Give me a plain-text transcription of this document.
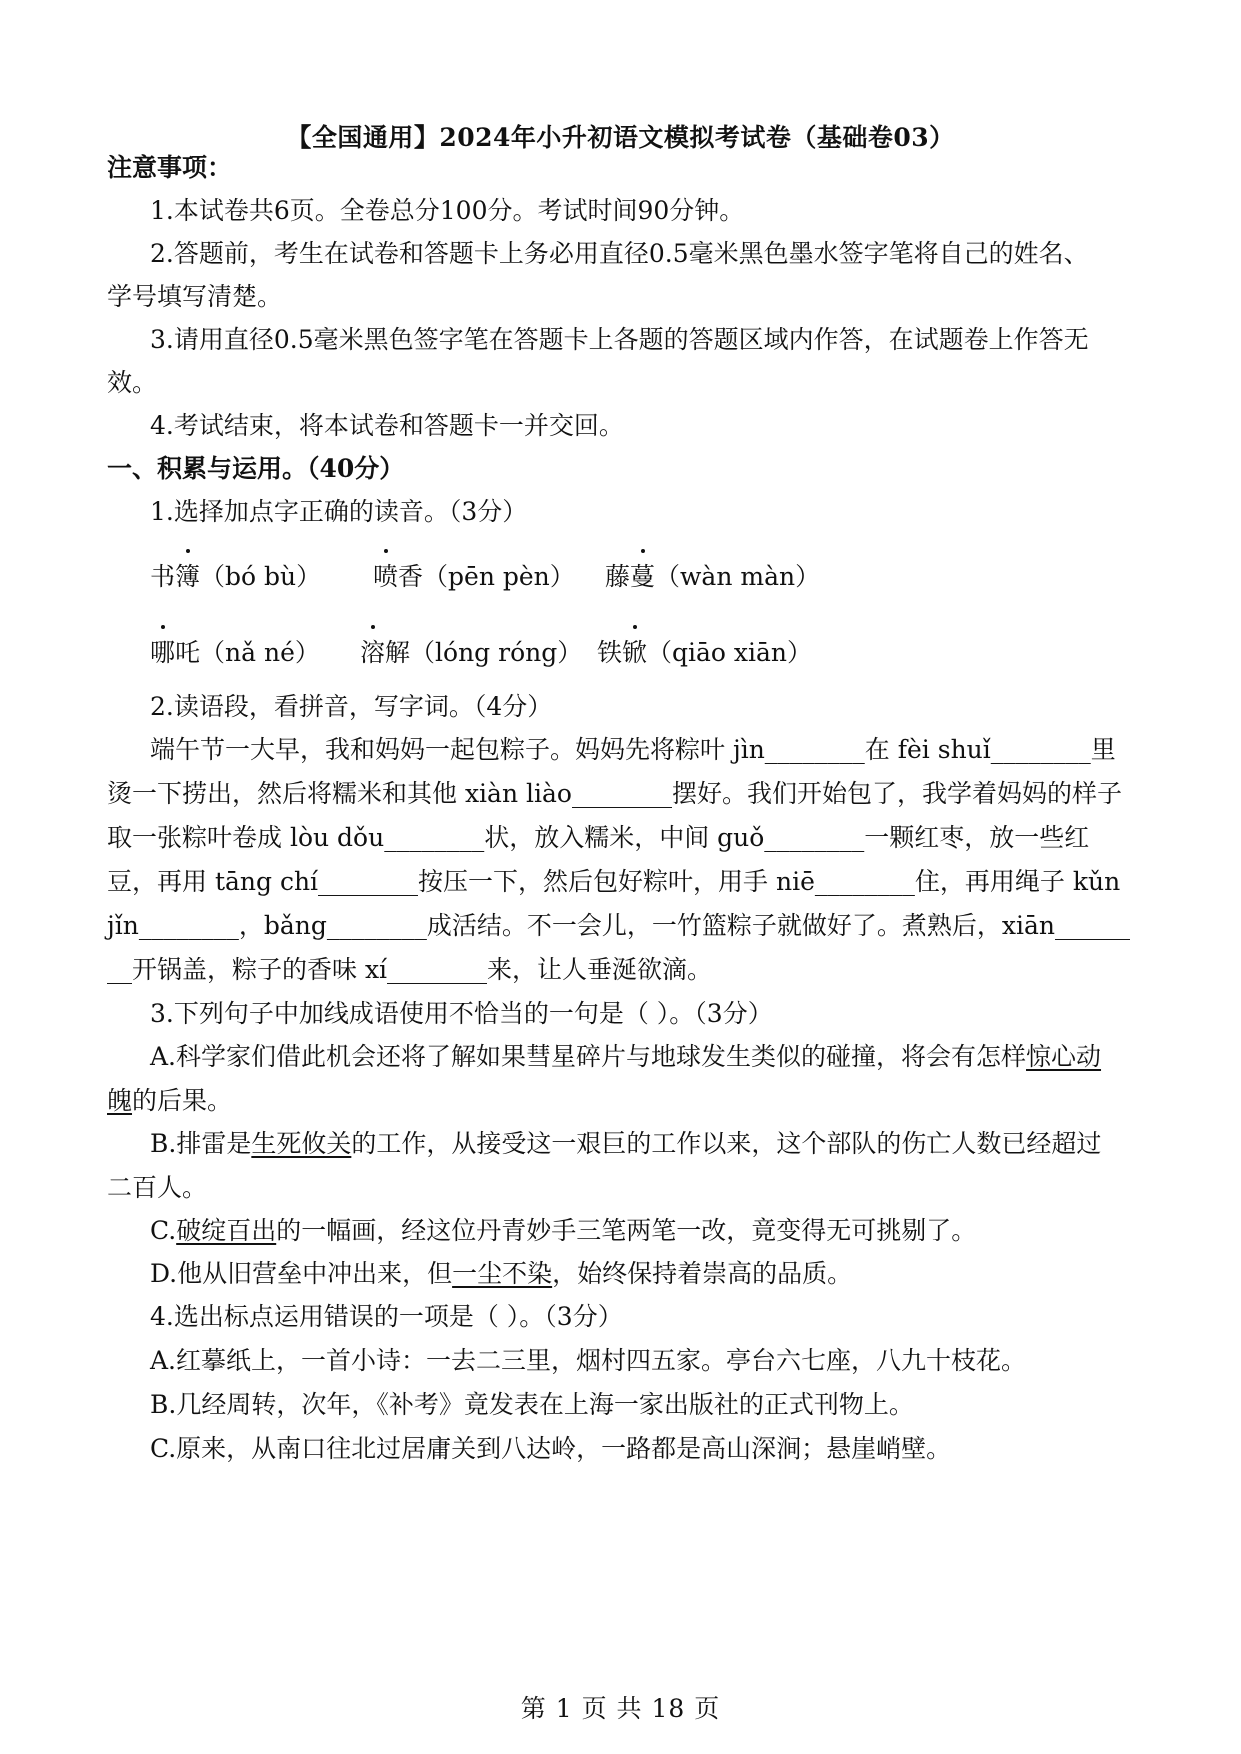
【全国通用】2024年小升初语文模拟考试卷（基础卷03）
注意事项：
1.本试卷共6页。全卷总分100分。考试时间90分钟。
2.答题前，考生在试卷和答题卡上务必用直径0.5毫米黑色墨水签字笔将自己的姓名、
学号填写清楚。
3.请用直径0.5毫米黑色签字笔在答题卡上各题的答题区域内作答，在试题卷上作答无
效。
4.考试结束，将本试卷和答题卡一并交回。
一、积累与运用。（40分）
1.选择加点字正确的读音。（3分）
书簿（bó bù） 喷香（pēn pèn） 藤蔓（wàn màn）
哪吒（nǎ né） 溶解（lóng róng） 铁锨（qiāo xiān）
2.读语段，看拼音，写字词。（4分）
端午节一大早，我和妈妈一起包粽子。妈妈先将粽叶 jìn________在 fèi shuǐ________里
烫一下捞出，然后将糯米和其他 xiàn liào________摆好。我们开始包了，我学着妈妈的样子
取一张粽叶卷成 lòu dǒu________状，放入糯米，中间 guǒ________一颗红枣，放一些红
豆，再用 tāng chí________按压一下，然后包好粽叶，用手 niē________住，再用绳子 kǔn
jǐn________，bǎng________成活结。不一会儿，一竹篮粽子就做好了。煮熟后，xiān______
__开锅盖，粽子的香味 xí________来，让人垂涎欲滴。
3.下列句子中加线成语使用不恰当的一句是（ ）。（3分）
A.科学家们借此机会还将了解如果彗星碎片与地球发生类似的碰撞，将会有怎样惊心动
魄的后果。
B.排雷是生死攸关的工作，从接受这一艰巨的工作以来，这个部队的伤亡人数已经超过
二百人。
C.破绽百出的一幅画，经这位丹青妙手三笔两笔一改，竟变得无可挑剔了。
D.他从旧营垒中冲出来，但一尘不染，始终保持着崇高的品质。
4.选出标点运用错误的一项是（ ）。（3分）
A.红摹纸上，一首小诗：一去二三里，烟村四五家。亭台六七座，八九十枝花。
B.几经周转，次年，《补考》竟发表在上海一家出版社的正式刊物上。
C.原来，从南口往北过居庸关到八达岭，一路都是高山深涧；悬崖峭壁。
第 1 页 共 18 页
